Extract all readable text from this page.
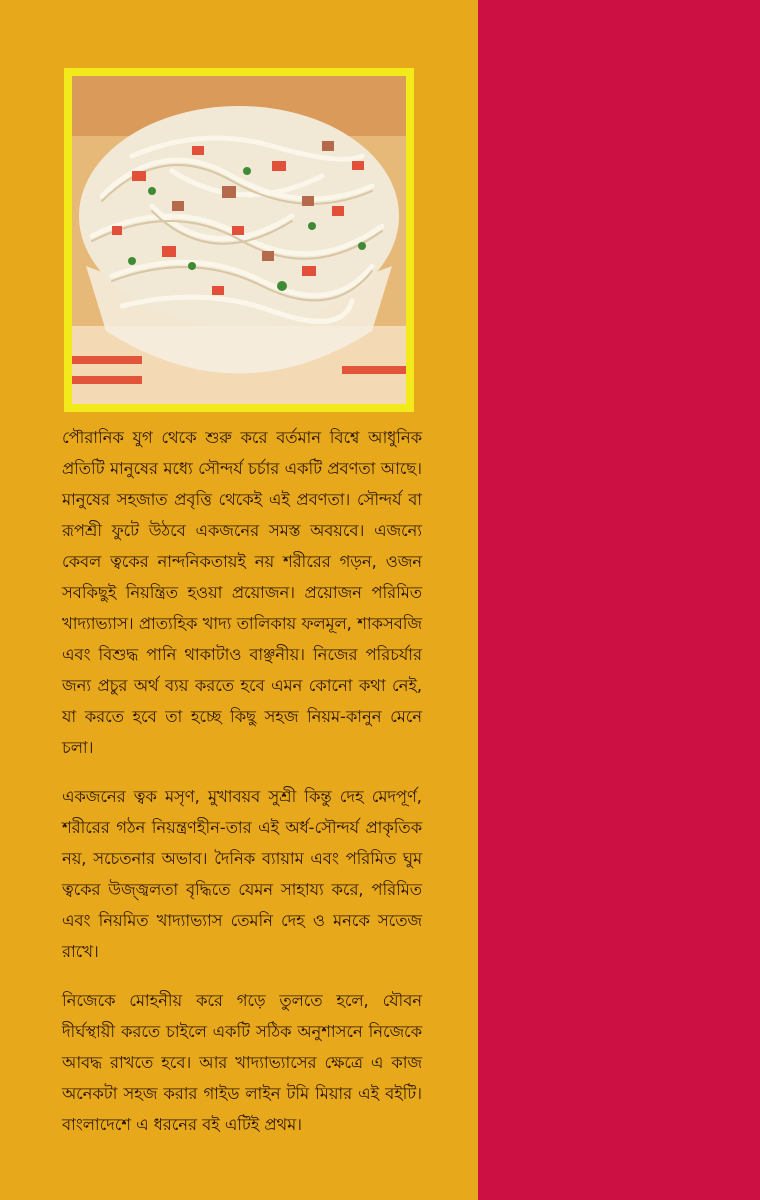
পৌরানিক যুগ থেকে শুরু করে বর্তমান বিশ্বে আধুনিক প্রতিটি মানুষের মধ্যে সৌন্দর্য চর্চার একটি প্রবণতা আছে। মানুষের সহজাত প্রবৃত্তি থেকেই এই প্রবণতা। সৌন্দর্য বা রূপশ্রী ফুটে উঠবে একজনের সমস্ত অবয়বে। এজন্যে কেবল ত্বকের নান্দনিকতায়ই নয় শরীরের গড়ন, ওজন সবকিছুই নিয়ন্ত্রিত হওয়া প্রয়োজন। প্রয়োজন পরিমিত খাদ্যাভ্যাস। প্রাত্যহিক খাদ্য তালিকায় ফলমূল, শাকসবজি এবং বিশুদ্ধ পানি থাকাটাও বাঞ্ছনীয়। নিজের পরিচর্যার জন্য প্রচুর অর্থ ব্যয় করতে হবে এমন কোনো কথা নেই, যা করতে হবে তা হচ্ছে কিছু সহজ নিয়ম-কানুন মেনে চলা।

একজনের ত্বক মসৃণ, মুখাবয়ব সুশ্রী কিন্তু দেহ মেদপূর্ণ, শরীরের গঠন নিয়ন্ত্রণহীন-তার এই অর্ধ-সৌন্দর্য প্রাকৃতিক নয়, সচেতনার অভাব। দৈনিক ব্যায়াম এবং পরিমিত ঘুম ত্বকের উজ্জ্বলতা বৃদ্ধিতে যেমন সাহায্য করে, পরিমিত এবং নিয়মিত খাদ্যাভ্যাস তেমনি দেহ ও মনকে সতেজ রাখে।

নিজেকে মোহনীয় করে গড়ে তুলতে হলে, যৌবন দীর্ঘস্থায়ী করতে চাইলে একটি সঠিক অনুশাসনে নিজেকে আবদ্ধ রাখতে হবে। আর খাদ্যাভ্যাসের ক্ষেত্রে এ কাজ অনেকটা সহজ করার গাইড লাইন টমি মিয়ার এই বইটি। বাংলাদেশে এ ধরনের বই এটিই প্রথম।
